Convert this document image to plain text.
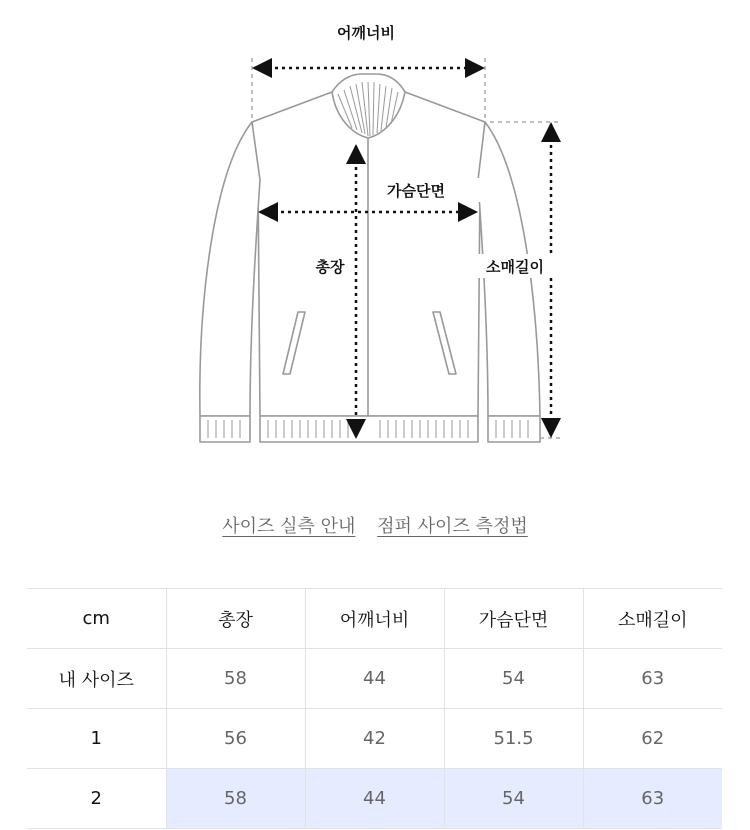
어깨너비
가슴단면
총장	소매길이
사이즈 실측 안내 점퍼 사이즈 측정법
cm	총장	어깨너비	가슴단면	소매길이
내 사이즈	58	44	54	63
1	56	42	51.5	62
2	58	44	54	63
